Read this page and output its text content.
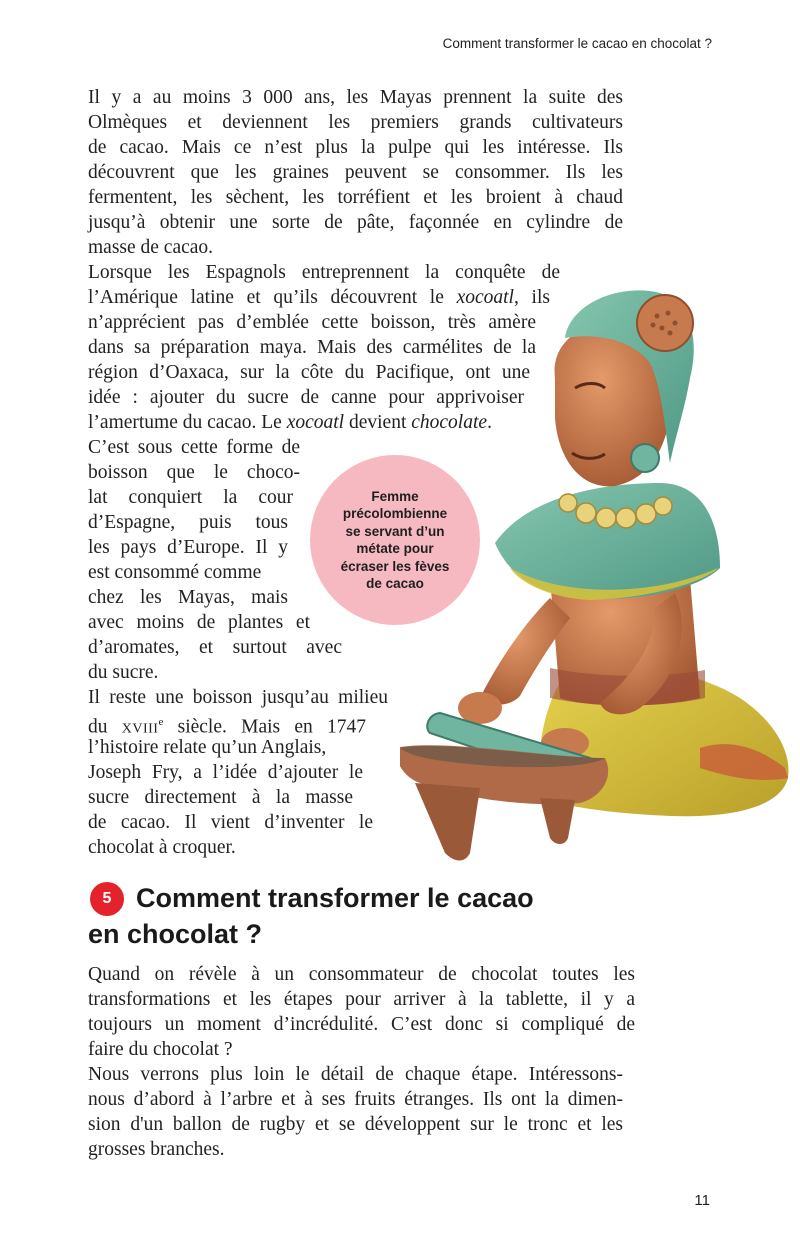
Comment transformer le cacao en chocolat ?

Il y a au moins 3 000 ans, les Mayas prennent la suite des

Olmèques et deviennent les premiers grands cultivateurs

de cacao. Mais ce n’est plus la pulpe qui les intéresse. Ils

découvrent que les graines peuvent se consommer. Ils les

fermentent, les sèchent, les torréfient et les broient à chaud

jusqu’à obtenir une sorte de pâte, façonnée en cylindre de

masse de cacao.

Lorsque les Espagnols entreprennent la conquête de

l’Amérique latine et qu’ils découvrent le xocoatl, ils

n’apprécient pas d’emblée cette boisson, très amère

dans sa préparation maya. Mais des carmélites de la

région d’Oaxaca, sur la côte du Pacifique, ont une

idée : ajouter du sucre de canne pour apprivoiser

l’amertume du cacao. Le xocoatl devient chocolate.

C’est sous cette forme de

boisson que le choco-

lat conquiert la cour

d’Espagne, puis tous

les pays d’Europe. Il y

est consommé comme

chez les Mayas, mais

avec moins de plantes et

d’aromates, et surtout avec

du sucre.

Il reste une boisson jusqu’au milieu

du xviii$^e$ siècle. Mais en 1747

l’histoire relate qu’un Anglais,

Joseph Fry, a l’idée d’ajouter le

sucre directement à la masse

de cacao. Il vient d’inventer le

chocolat à croquer.

Femme précolombienne se servant d’un métate pour écraser les fèves de cacao
5 Comment transformer le cacao
en chocolat ?

Quand on révèle à un consommateur de chocolat toutes les

transformations et les étapes pour arriver à la tablette, il y a

toujours un moment d’incrédulité. C’est donc si compliqué de

faire du chocolat ?

Nous verrons plus loin le détail de chaque étape. Intéressons-

nous d’abord à l’arbre et à ses fruits étranges. Ils ont la dimen-

sion d'un ballon de rugby et se développent sur le tronc et les

grosses branches.

11
